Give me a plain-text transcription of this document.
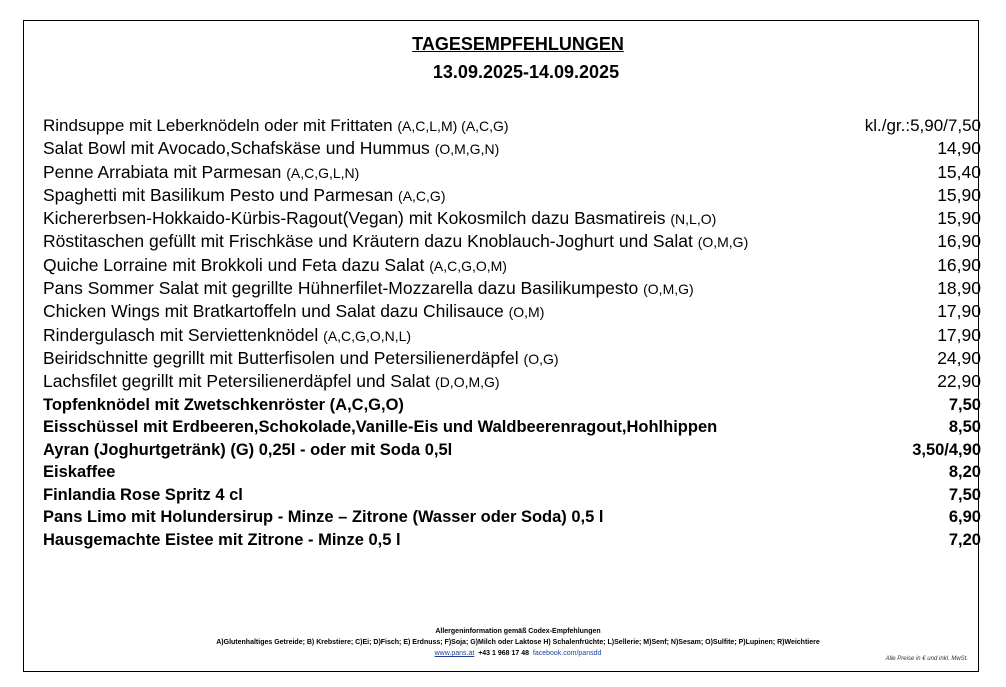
TAGESEMPFEHLUNGEN
13.09.2025-14.09.2025
Rindsuppe mit Leberknödeln oder mit Frittaten (A,C,L,M) (A,C,G)	kl./gr.:5,90/7,50
Salat Bowl mit Avocado,Schafskäse und Hummus (O,M,G,N)	14,90
Penne Arrabiata mit Parmesan (A,C,G,L,N)	15,40
Spaghetti mit Basilikum Pesto und Parmesan (A,C,G)	15,90
Kichererbsen-Hokkaido-Kürbis-Ragout(Vegan) mit Kokosmilch dazu Basmatireis (N,L,O)	15,90
Röstitaschen gefüllt mit Frischkäse und Kräutern dazu Knoblauch-Joghurt und Salat (O,M,G)	16,90
Quiche Lorraine mit Brokkoli und Feta dazu Salat (A,C,G,O,M)	16,90
Pans Sommer Salat mit gegrillte Hühnerfilet-Mozzarella dazu Basilikumpesto (O,M,G)	18,90
Chicken Wings mit Bratkartoffeln und Salat dazu Chilisauce (O,M)	17,90
Rindergulasch mit Serviettenknödel (A,C,G,O,N,L)	17,90
Beiridschnitte gegrillt mit Butterfisolen und Petersilienerdäpfel (O,G)	24,90
Lachsfilet gegrillt mit Petersilienerdäpfel und Salat (D,O,M,G)	22,90
Topfenknödel mit Zwetschkenröster (A,C,G,O)	7,50
Eisschüssel mit Erdbeeren,Schokolade,Vanille-Eis und Waldbeerenragout,Hohlhippen	8,50
Ayran (Joghurtgetränk) (G) 0,25l - oder mit Soda 0,5l	3,50/4,90
Eiskaffee	8,20
Finlandia Rose Spritz 4 cl	7,50
Pans Limo mit Holundersirup - Minze – Zitrone (Wasser oder Soda) 0,5 l	6,90
Hausgemachte Eistee mit Zitrone - Minze 0,5 l	7,20
Allergeninformation gemäß Codex-Empfehlungen
A)Glutenhaltiges Getreide; B) Krebstiere; C)Ei; D)Fisch; E) Erdnuss; F)Soja; G)Milch oder Laktose H) Schalenfrüchte; L)Sellerie; M)Senf; N)Sesam; O)Sulfite; P)Lupinen; R)Weichtiere
www.pans.at +43 1 968 17 48 facebook.com/pansdd
Alle Preise in € und inkl. MwSt.
